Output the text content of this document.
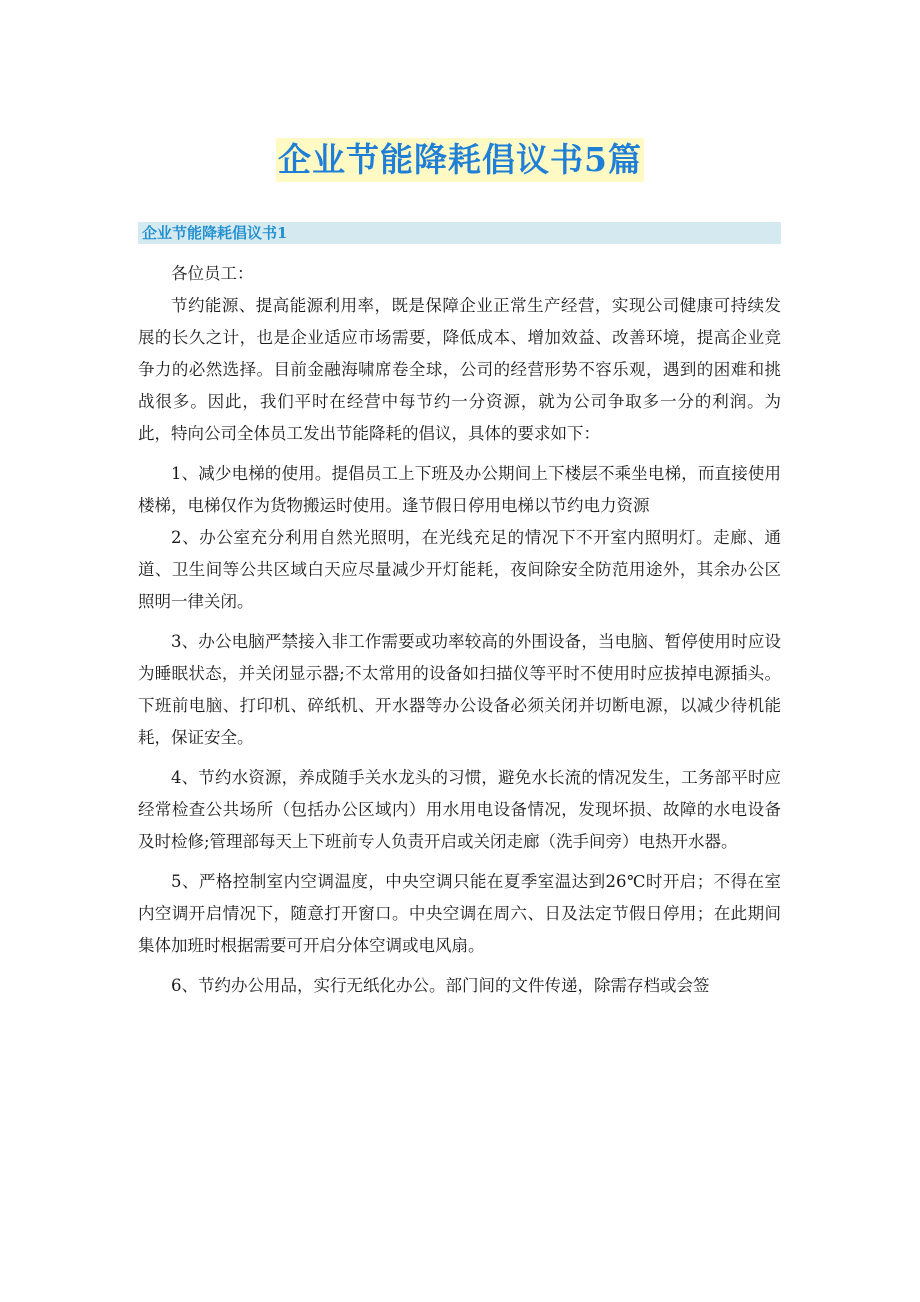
企业节能降耗倡议书5篇
企业节能降耗倡议书1

各位员工：

节约能源、提高能源利用率，既是保障企业正常生产经营，实现公司健康可持续发展的长久之计，也是企业适应市场需要，降低成本、增加效益、改善环境，提高企业竞争力的必然选择。目前金融海啸席卷全球，公司的经营形势不容乐观，遇到的困难和挑战很多。因此，我们平时在经营中每节约一分资源，就为公司争取多一分的利润。为此，特向公司全体员工发出节能降耗的倡议，具体的要求如下：

1、减少电梯的使用。提倡员工上下班及办公期间上下楼层不乘坐电梯，而直接使用楼梯，电梯仅作为货物搬运时使用。逢节假日停用电梯以节约电力资源

2、办公室充分利用自然光照明，在光线充足的情况下不开室内照明灯。走廊、通道、卫生间等公共区域白天应尽量减少开灯能耗，夜间除安全防范用途外，其余办公区照明一律关闭。

3、办公电脑严禁接入非工作需要或功率较高的外围设备，当电脑、暂停使用时应设为睡眠状态，并关闭显示器;不太常用的设备如扫描仪等平时不使用时应拔掉电源插头。下班前电脑、打印机、碎纸机、开水器等办公设备必须关闭并切断电源，以减少待机能耗，保证安全。

4、节约水资源，养成随手关水龙头的习惯，避免水长流的情况发生，工务部平时应经常检查公共场所（包括办公区域内）用水用电设备情况，发现坏损、故障的水电设备及时检修;管理部每天上下班前专人负责开启或关闭走廊（洗手间旁）电热开水器。

5、严格控制室内空调温度，中央空调只能在夏季室温达到26℃时开启；不得在室内空调开启情况下，随意打开窗口。中央空调在周六、日及法定节假日停用；在此期间集体加班时根据需要可开启分体空调或电风扇。

6、节约办公用品，实行无纸化办公。部门间的文件传递，除需存档或会签
